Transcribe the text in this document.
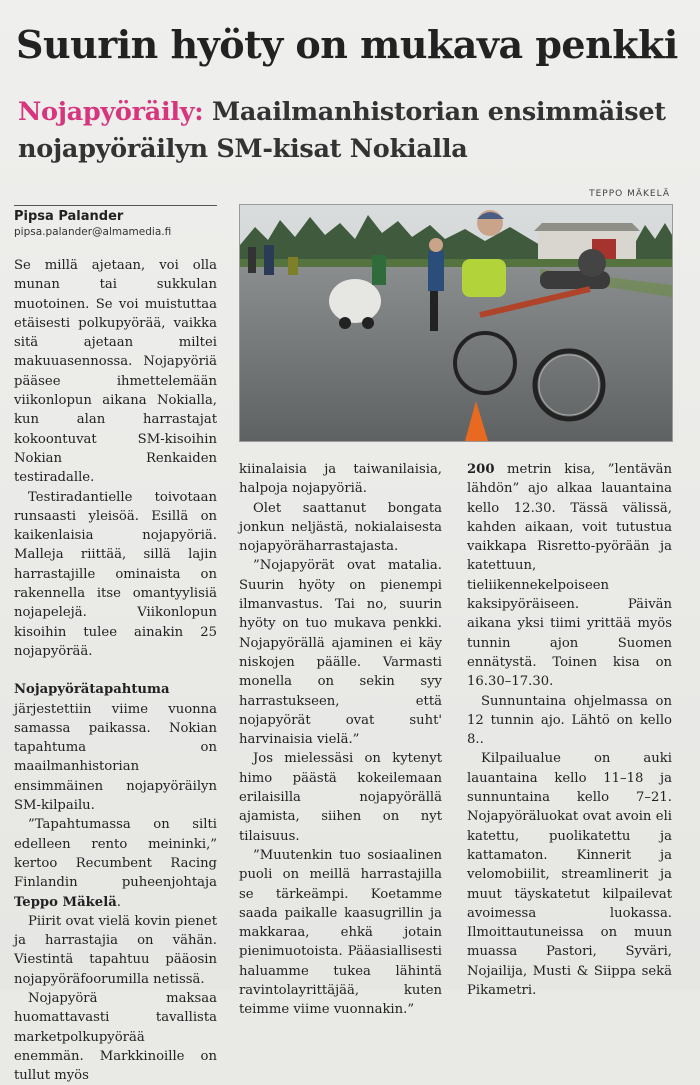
Suurin hyöty on mukava penkki
Nojapyöräily: Maailmanhistorian ensimmäiset nojapyöräilyn SM-kisat Nokialla
TEPPO MÄKELÄ
Pipsa Palander
pipsa.palander@almamedia.fi

Se millä ajetaan, voi olla munan tai sukkulan muotoinen. Se voi muistuttaa etäisesti polkupyörää, vaikka sitä ajetaan miltei makuuasennossa. Nojapyöriä pääsee ihmettelemään viikonlopun aikana Nokialla, kun alan harrastajat kokoontuvat SM-kisoihin Nokian Renkaiden testiradalle.

Testiradantielle toivotaan runsaasti yleisöä. Esillä on kaikenlaisia nojapyöriä. Malleja riittää, sillä lajin harrastajille ominaista on rakennella itse omantyylisiä nojapelejä. Viikonlopun kisoihin tulee ainakin 25 nojapyörää.

Nojapyörätapahtuma järjestettiin viime vuonna samassa paikassa. Nokian tapahtuma on maailmanhistorian ensimmäinen nojapyöräilyn SM-kilpailu.

”Tapahtumassa on silti edelleen rento meininki,” kertoo Recumbent Racing Finlandin puheenjohtaja Teppo Mäkelä.

Piirit ovat vielä kovin pienet ja harrastajia on vähän. Viestintä tapahtuu pääosin nojapyöräfoorumilla netissä.

Nojapyörä maksaa huomattavasti tavallista marketpolkupyörää enemmän. Markkinoille on tullut myös

kiinalaisia ja taiwanilaisia, halpoja nojapyöriä.

Olet saattanut bongata jonkun neljästä, nokialaisesta nojapyöräharrastajasta.

”Nojapyörät ovat matalia. Suurin hyöty on pienempi ilmanvastus. Tai no, suurin hyöty on tuo mukava penkki. Nojapyörällä ajaminen ei käy niskojen päälle. Varmasti monella on sekin syy harrastukseen, että nojapyörät ovat suht' harvinaisia vielä.”

Jos mielessäsi on kytenyt himo päästä kokeilemaan erilaisilla nojapyörällä ajamista, siihen on nyt tilaisuus.

”Muutenkin tuo sosiaalinen puoli on meillä harrastajilla se tärkeämpi. Koetamme saada paikalle kaasugrillin ja makkaraa, ehkä jotain pienimuotoista. Pääasiallisesti haluamme tukea lähintä ravintolayrittäjää, kuten teimme viime vuonnakin.”

200 metrin kisa, ”lentävän lähdön” ajo alkaa lauantaina kello 12.30. Tässä välissä, kahden aikaan, voit tutustua vaikkapa Risretto-pyörään ja katettuun, tieliikennekelpoiseen kaksipyöräiseen. Päivän aikana yksi tiimi yrittää myös tunnin ajon Suomen ennätystä. Toinen kisa on 16.30–17.30.

Sunnuntaina ohjelmassa on 12 tunnin ajo. Lähtö on kello 8..

Kilpailualue on auki lauantaina kello 11–18 ja sunnuntaina kello 7–21. Nojapyöräluokat ovat avoin eli katettu, puolikatettu ja kattamaton. Kinnerit ja velomobiilit, streamlinerit ja muut täyskatetut kilpailevat avoimessa luokassa. Ilmoittautuneissa on muun muassa Pastori, Syväri, Nojailija, Musti & Siippa sekä Pikametri.
